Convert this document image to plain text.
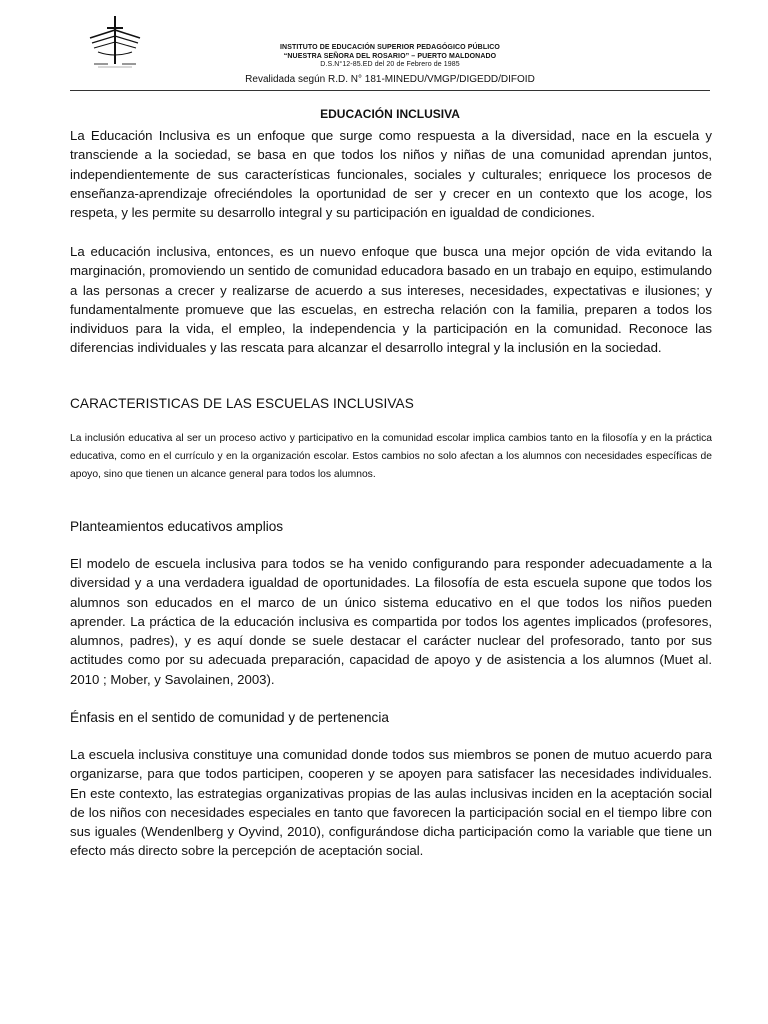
INSTITUTO DE EDUCACIÓN SUPERIOR PEDAGÓGICO PÚBLICO
“NUESTRA SEÑORA DEL ROSARIO” – PUERTO MALDONADO
D.S.N°12-85.ED del 20 de Febrero de 1985
Revalidada según R.D. N° 181-MINEDU/VMGP/DIGEDD/DIFOID
EDUCACIÓN INCLUSIVA

La Educación Inclusiva es un enfoque que surge como respuesta a la diversidad, nace en la escuela y transciende a la sociedad, se basa en que todos los niños y niñas de una comunidad aprendan juntos, independientemente de sus características funcionales, sociales y culturales; enriquece los procesos de enseñanza-aprendizaje ofreciéndoles la oportunidad de ser y crecer en un contexto que los acoge, los respeta, y les permite su desarrollo integral y su participación en igualdad de condiciones.

La educación inclusiva, entonces, es un nuevo enfoque que busca una mejor opción de vida evitando la marginación, promoviendo un sentido de comunidad educadora basado en un trabajo en equipo, estimulando a las personas a crecer y realizarse de acuerdo a sus intereses, necesidades, expectativas e ilusiones; y fundamentalmente promueve que las escuelas, en estrecha relación con la familia, preparen a todos los individuos para la vida, el empleo, la independencia y la participación en la comunidad. Reconoce las diferencias individuales y las rescata para alcanzar el desarrollo integral y la inclusión en la sociedad.

CARACTERISTICAS DE LAS ESCUELAS INCLUSIVAS

La inclusión educativa al ser un proceso activo y participativo en la comunidad escolar implica cambios tanto en la filosofía y en la práctica educativa, como en el currículo y en la organización escolar. Estos cambios no solo afectan a los alumnos con necesidades específicas de apoyo, sino que tienen un alcance general para todos los alumnos.

Planteamientos educativos amplios

El modelo de escuela inclusiva para todos se ha venido configurando para responder adecuadamente a la diversidad y a una verdadera igualdad de oportunidades. La filosofía de esta escuela supone que todos los alumnos son educados en el marco de un único sistema educativo en el que todos los niños pueden aprender. La práctica de la educación inclusiva es compartida por todos los agentes implicados (profesores, alumnos, padres), y es aquí donde se suele destacar el carácter nuclear del profesorado, tanto por sus actitudes como por su adecuada preparación, capacidad de apoyo y de asistencia a los alumnos (Muet al. 2010 ; Mober, y Savolainen, 2003).

Énfasis en el sentido de comunidad y de pertenencia

La escuela inclusiva constituye una comunidad donde todos sus miembros se ponen de mutuo acuerdo para organizarse, para que todos participen, cooperen y se apoyen para satisfacer las necesidades individuales. En este contexto, las estrategias organizativas propias de las aulas inclusivas inciden en la aceptación social de los niños con necesidades especiales en tanto que favorecen la participación social en el tiempo libre con sus iguales (Wendenlberg y Oyvind, 2010), configurándose dicha participación como la variable que tiene un efecto más directo sobre la percepción de aceptación social.
